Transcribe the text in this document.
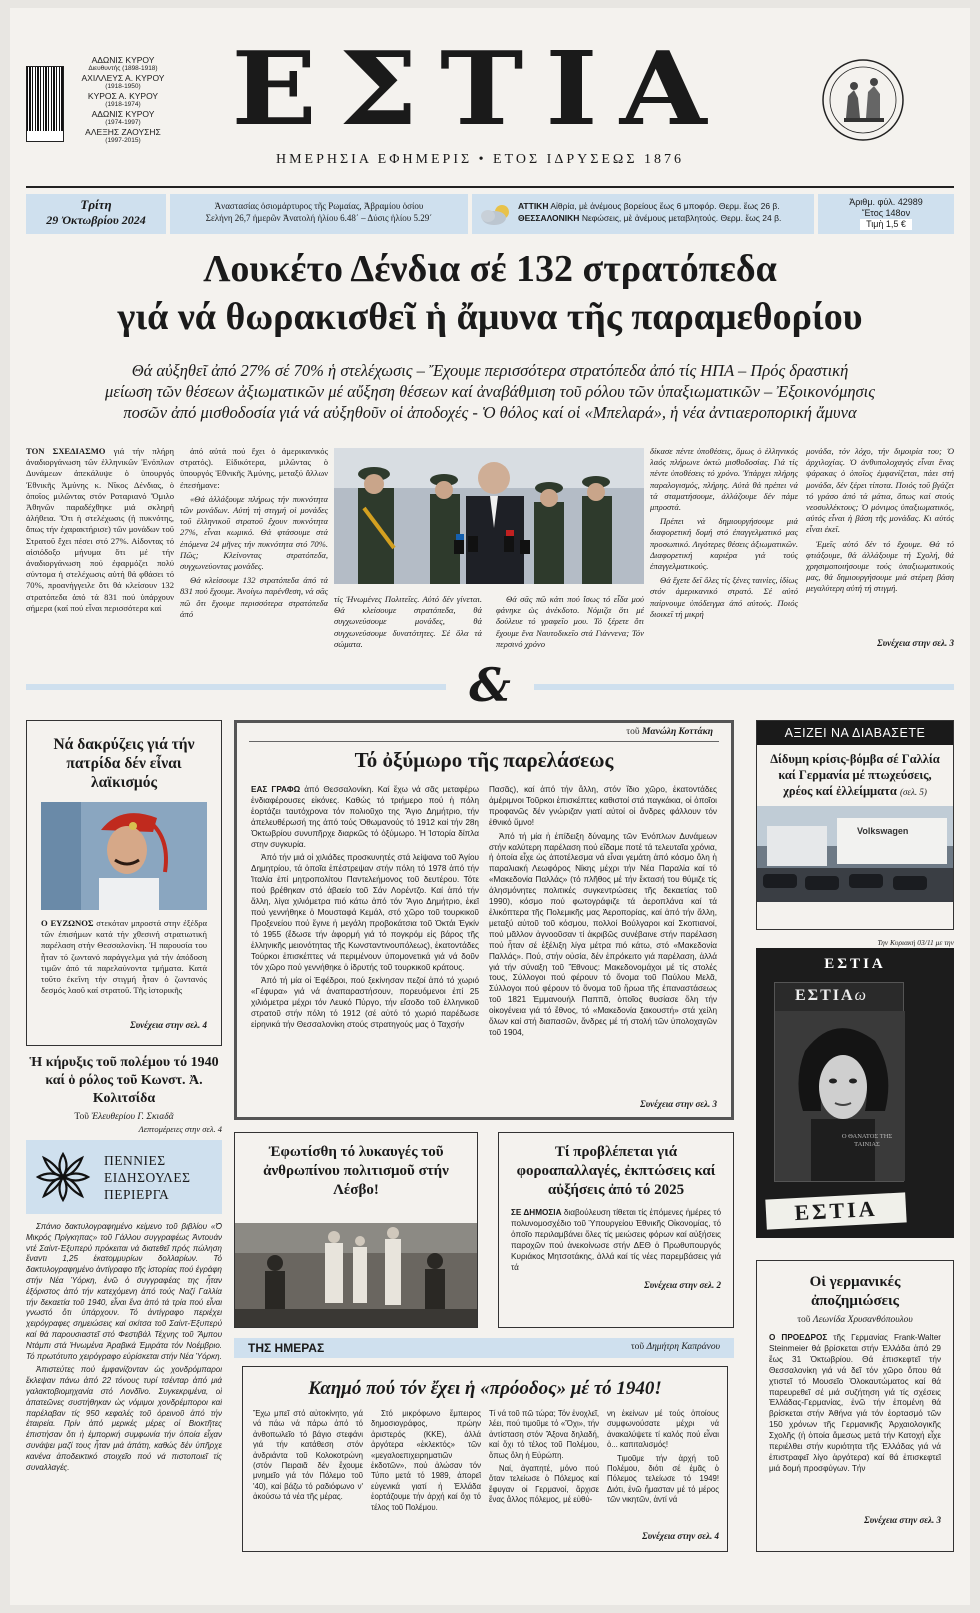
ΑΔΩΝΙΣ ΚΥΡΟΥ
Διευθυντής (1898-1918)
ΑΧΙΛΛΕΥΣ Α. ΚΥΡΟΥ
(1918-1950)
ΚΥΡΟΣ Α. ΚΥΡΟΥ
(1918-1974)
ΑΔΩΝΙΣ ΚΥΡΟΥ
(1974-1997)
ΑΛΕΞΗΣ ΖΑΟΥΣΗΣ
(1997-2015) ΕΣΤΙΑ
ΗΜΕΡΗΣΙΑ ΕΦΗΜΕΡΙΣ • ΕΤΟΣ ΙΔΡΥΣΕΩΣ 1876
Τρίτη
29 Ὀκτωβρίου 2024
Ἀναστασίας ὁσιομάρτυρος τῆς Ρωμαίας, Ἀβραμίου ὁσίου
Σελήνη 26,7 ἡμερῶν Ἀνατολή ἡλίου 6.48΄ – Δύσις ἡλίου 5.29΄
ΑΤΤΙΚΗ Αἰθρία, μὲ ἀνέμους βορείους ἕως 6 μποφόρ. Θερμ. ἕως 26 β.
ΘΕΣΣΑΛΟΝΙΚΗ Νεφώσεις, μὲ ἀνέμους μεταβλητούς. Θερμ. ἕως 24 β.
Ἀριθμ. φύλ. 42989
Ἔτος 148ον
Τιμὴ 1,5 €
Λουκέτο Δένδια σέ 132 στρατόπεδα
γιά νά θωρακισθεῖ ἡ ἄμυνα τῆς παραμεθορίου
Θά αὐξηθεῖ ἀπό 27% σέ 70% ἡ στελέχωσις – Ἔχουμε περισσότερα στρατόπεδα ἀπό τίς ΗΠΑ – Πρός δραστική
μείωση τῶν θέσεων ἀξιωματικῶν μέ αὔξηση θέσεων καί ἀναβάθμιση τοῦ ρόλου τῶν ὑπαξιωματικῶν – Ἐξοικονόμησις
ποσῶν ἀπό μισθοδοσία γιά νά αὐξηθοῦν οἱ ἀποδοχές - Ὁ θόλος καί οἱ «Μπελαρά», ἡ νέα ἀντιαεροπορική ἄμυνα

ΤΟΝ ΣΧΕΔΙΑΣΜΟ γιά τήν πλήρη ἀναδιοργάνωση τῶν ἑλληνικῶν Ἐνόπλων Δυνάμεων ἀπεκάλυψε ὁ ὑπουργός Ἐθνικῆς Ἀμύνης κ. Νῖκος Δένδιας, ὁ ὁποῖος μιλῶντας στόν Ροταριανό Ὅμιλο Ἀθηνῶν παραδέχθηκε μιά σκληρή ἀλήθεια. Ὅτι ἡ στελέχωσις (ἡ πυκνότης, ὅπως τήν ἐχαρακτήρισε) τῶν μονάδων τοῦ Στρατοῦ ἔχει πέσει στό 27%. Αἰδοντας τό αἰσιόδοξο μήνυμα ὅτι μέ τήν ἀναδιοργάνωση πού ἐφαρμόζει πολύ σύντομα ἡ στελέχωσις αὐτή θά φθάσει τό 70%, προανήγγειλε ὅτι θά κλείσουν 132 στρατόπεδα ἀπό τά 831 πού ὑπάρχουν σήμερα (καί πού εἶναι περισσότερα καί

ἀπό αὐτά πού ἔχει ὁ ἀμερικανικός στρατός). Εἰδικότερα, μιλῶντας ὁ ὑπουργός Ἐθνικῆς Ἀμύνης, μεταξύ ἄλλων ἐπεσήμανε:

«Θά ἀλλάξουμε πλήρως τήν πυκνότητα τῶν μονάδων. Αὐτή τή στιγμή οἱ μονάδες τοῦ ἑλληνικοῦ στρατοῦ ἔχουν πυκνότητα 27%, εἶναι κωμικό. Θά φτάσουμε στά ἑπόμενα 24 μῆνες τήν πυκνότητα στό 70%. Πῶς; Κλείνοντας στρατόπεδα, συγχωνεύοντας μονάδες.

Θά κλείσουμε 132 στρατόπεδα ἀπό τά 831 πού ἔχουμε. Ἀνοίγω παρένθεση, νά σᾶς πῶ ὅτι ἔχουμε περισσότερα στρατόπεδα ἀπό

τίς Ἡνωμένες Πολιτεῖες. Αὐτό δέν γίνεται. Θά κλείσουμε στρατόπεδα, θά συγχωνεύσουμε μονάδες, θά συγχωνεύσουμε δυνατότητες. Σέ ὅλα τά σώματα.

Θά σᾶς πῶ κάτι πού ἴσως τό εἶδα μού φάνηκε ὡς ἀνέκδοτο. Νόμιζα ὅτι μέ δούλευε τό γραφεῖο μου. Τό ξέρετε ὅτι ἔχουμε ἕνα Ναυτοδικεῖο στά Γιάννενα; Τόν περσινό χρόνο

δίκασε πέντε ὑποθέσεις, ὅμως ὁ ἑλληνικός λαός πλήρωνε ὀκτώ μισθοδοσίας. Γιά τίς πέντε ὑποθέσεις τό χρόνο. Ὑπάρχει πλήρης παραλογισμός, πλήρης. Αὐτά θά πρέπει νά τά σταματήσουμε, ἀλλάζουμε δέν πάμε μπροστά.

Πρέπει νά δημιουργήσουμε μιά διαφορετική δομή στό ἐπαγγελματικό μας προσωπικό. Λιγότερες θέσεις ἀξιωματικῶν. Διαφορετική καριέρα γιά τούς ἐπαγγελματικούς.

Θά ἔχετε δεῖ ὅλες τίς ξένες ταινίες, ἰδίως στόν ἀμερικανικό στρατό. Σέ αὐτό παίρνουμε ὑπόδειγμα ἀπό αὐτούς. Ποιός διοικεῖ τή μικρή

μονάδα, τόν λόχο, τήν διμοιρία του; Ὁ ἀρχιλοχίας. Ὁ ἀνθυπολοχαγός εἶναι ἕνας ψάρακας ὁ ὁποῖος ἐμφανίζεται, πάει στή μονάδα, δέν ξέρει τίποτα. Ποιός τοῦ βγάζει τό γράσο ἀπό τά μάτια, ὅπως καί στούς νεοσυλλέκτους; Ὁ μόνιμος ὑπαξιωματικός, αὐτός εἶναι ἡ βάση τῆς μονάδας. Κι αὐτός εἶναι ἐκεῖ.

Ἐμεῖς αὐτό δέν τό ἔχουμε. Θά τό φτιάξουμε, θά ἀλλάξουμε τή Σχολή, θά χρησιμοποιήσουμε τούς ὑπαξιωματικούς μας, θά δημιουργήσουμε μιά στέρεη βάση μεγαλύτερη αὐτή τή στιγμή.

Συνέχεια στην σελ. 3
&
Νά δακρύζεις γιά τήν πατρίδα δέν εἶναι λαϊκισμός

Ο ΕΥΖΩΝΟΣ στεκόταν μπροστά στην ἐξέδρα τῶν ἐπισήμων κατά τήν χθεσινή στρατιωτική παρέλαση στήν Θεσσαλονίκη. Ἡ παρουσία του ἦταν τό ζωντανό παράγγελμα γιά τήν ἀπόδοση τιμῶν ἀπό τά παρελαύνοντα τμήματα. Κατά τοῦτο ἐκεῖνη τήν στιγμή ἦταν ὁ ζωντανός δεσμός λαοῦ καί στρατοῦ. Τῆς ἱστορικῆς

Συνέχεια στην σελ. 4
Ἡ κήρυξις τοῦ πολέμου τό 1940 καί ὁ ρόλος τοῦ Κωνστ. Ἀ. Κολιτσίδα
Τοῦ Ἐλευθερίου Γ. Σκιαδᾶ
Λεπτομέρειες στην σελ. 4
ΠΕΝΝΙΕΣ ΕΙΔΗΣΟΥΛΕΣ ΠΕΡΙΕΡΓΑ

Σπάνιο δακτυλογραφημένο κείμενο τοῦ βιβλίου «Ὁ Μικρός Πρίγκηπας» τοῦ Γάλλου συγγραφέως Ἀντουάν ντέ Σαίντ-Ἐξυπερύ πρόκειται νά διατεθεῖ πρός πώληση ἔναντι 1,25 ἑκατομμυρίων δολλαρίων. Τό δακτυλογραφημένο ἀντίγραφο τῆς ἱστορίας πού ἐγράφη στήν Νέα Ὑόρκη, ἐνῶ ὁ συγγραφέας της ἦταν ἐξόριστος ἀπό τήν κατεχόμενη ἀπό τούς Ναζί Γαλλία τήν δεκαετία τοῦ 1940, εἶναι ἕνα ἀπό τά τρία πού εἶναι γνωστό ὅτι ὑπάρχουν. Τό ἀντίγραφο περιέχει χειρόγραφες σημειώσεις καί σκίτσα τοῦ Σαίντ-Ἐξυπερύ καί θά παρουσιαστεῖ στό Φεστιβάλ Τέχνης τοῦ Ἄμπου Ντάμπι στά Ἡνωμένα Ἀραβικά Ἐμιράτα τόν Νοέμβριο. Τό πρωτότυπο χειρόγραφο εὑρίσκεται στήν Νέα Ὑόρκη.

Ἀπιστεύτες πού ἐμφανίζονταν ὡς χονδρόμπαροι ἔκλεψαν πάνω ἀπό 22 τόνους τυρί τσένταρ ἀπό μιά γαλακτοβιομηχανία στό Λονδῖνο. Συγκεκριμένα, οἱ ἀπατεῶνες συστήθηκαν ὡς νόμιμοι χονδρέμποροι καί παρέλαβαν τίς 950 κεφαλές τοῦ ὀρεινοῦ ἀπό τήν ἑταιρεία. Πρίν ἀπό μερικές μέρες οἱ Βιοκτῆτες ἐπιστήσαν ὅτι ἡ ἐμπορική συμφωνία τήν ὁποία εἶχαν συνάψει μαζί τους ἦταν μιά ἀπάτη, καθώς δέν ὑπῆρχε κανένα ἀποδεικτικό στοιχεῖο πού νά πιστοποιεῖ τίς συναλλαγές.

τοῦ Μανώλη Κοττάκη
Τό ὀξύμωρο τῆς παρελάσεως

ΕΑΣ ΓΡΑΦΩ ἀπό Θεσσαλονίκη. Καί ἔχω νά σᾶς μεταφέρω ἐνδιαφέρουσες εἰκόνες. Καθώς τό τριήμερο πού ἡ πόλη ἑορτάζει ταυτόχρονα τόν πολιοῦχο της Ἅγιο Δημήτριο, τήν ἀπελευθέρωσή της ἀπό τούς Ὀθωμανούς τό 1912 καί τήν 28η Ὀκτωβρίου συνυπῆρχε διαρκῶς τό ὀξύμωρο. Ἡ Ἱστορία δίπλα στην συγκυρία.

Ἀπό τήν μιά οἱ χιλιάδες προσκυνητές στά λείψανα τοῦ Ἁγίου Δημητρίου, τά ὁποῖα ἐπέστρεψαν στήν πόλη τό 1978 ἀπό τήν Ἰταλία ἐπί μητροπολίτου Παντελεήμονος τοῦ δευτέρου. Τότε πού βρέθηκαν στό ἀβαείο τοῦ Σάν Λορέντζο. Καί ἀπό τήν ἄλλη, λίγα χιλιόμετρα πιό κάτω ἀπό τόν Ἅγιο Δημήτριο, ἐκεῖ πού γεννήθηκε ὁ Μουσταφά Κεμάλ, στό χῶρο τοῦ τουρκικοῦ Προξενείου πού ἔγινε ἡ μεγάλη προβοκάτσια τοῦ Ὀκτάι Ἐγκίν τό 1955 (ἔδωσε τήν ἀφορμή γιά τό πογκρόμ εἰς βάρος τῆς ἑλληνικῆς μειονότητας τῆς Κωνσταντινουπόλεως), ἑκατοντάδες Τούρκοι ἐπισκέπτες νά περιμένουν ὑπομονετικά γιά νά δοῦν τόν χῶρο πού γεννήθηκε ὁ ἰδρυτής τοῦ τουρκικοῦ κράτους.

Ἀπό τή μία οἱ Ἐφέδροι, πού ξεκίνησαν πεζοί ἀπό τό χωριό «Γέφυρα» γιά νά ἀναπαραστήσουν, πορευόμενοι ἐπί 25 χιλιόμετρα μέχρι τόν Λευκό Πύργο, τήν εἴσοδο τοῦ ἑλληνικοῦ στρατοῦ στήν πόλη τό 1912 (σέ αὐτό τό χωριό παρέδωσε εἰρηνικά τήν Θεσσαλονίκη στούς στρατηγούς μας ὁ Ταχσήν

Πασᾶς), καί ἀπό τήν ἄλλη, στόν ἴδιο χῶρο, ἑκατοντάδες ἀμέριμνοι Τοῦρκοι ἐπισκέπτες καθιστοί στά παγκάκια, οἱ ὁποῖοι προφανῶς δέν γνώριζαν γιατί αὐτοί οἱ ἄνδρες φάλλουν τόν ἐθνικό ὕμνο!

Ἀπό τή μία ἡ ἐπίδειξη δύναμης τῶν Ἐνόπλων Δυνάμεων στήν καλύτερη παρέλαση πού εἴδαμε ποτέ τά τελευταῖα χρόνια, ἡ ὁποία εἶχε ὡς ἀποτέλεσμα νά εἶναι γεμάτη ἀπό κόσμο ὅλη ἡ παραλιακή Λεωφόρος Νίκης μέχρι τήν Νέα Παραλία καί τό «Μακεδονία Παλλάς» (τό πλῆθος μέ τήν ἔκτασή του θύμιζε τίς ἀλησμόνητες πολιτικές συγκεντρώσεις τῆς δεκαετίας τοῦ 1990), κόσμο πού φωτογράφιζε τά ἀεροπλάνα καί τά ἐλικόπτερα τῆς Πολεμικῆς μας Ἀεροπορίας, καί ἀπό τήν ἄλλη, μεταξύ αὐτοῦ τοῦ κόσμου, πολλοί Βούλγαροι καί Σκοπιανοί, πού μᾶλλον ἀγνοοῦσαν τί ἀκριβῶς συνέβαινε στήν παρέλαση πού ἦταν σέ ἐξέλιξη λίγα μέτρα πιό κάτω, στό «Μακεδονία Παλλάς». Πού, στήν οὐσία, δέν ἐπρόκειτο γιά παρέλαση, ἀλλά γιά τήν σύναξη τοῦ Ἔθνους: Μακεδονομάχοι μέ τίς στολές τους, Σύλλογοι πού φέρουν τό ὄνομα τοῦ Παύλου Μελᾶ, Σύλλογοι πού φέρουν τό ὄνομα τοῦ ἥρωα τῆς ἐπαναστάσεως τοῦ 1821 Ἐμμανουήλ Παππᾶ, ὁποῖος θυσίασε ὅλη τήν οἰκογένεια γιά τό ἔθνος, τό «Μακεδονία ξακουστή» στά χείλη ὅλων καί στή διαπασῶν, ἄνδρες μέ τή στολή τῶν ὑπολοχαγῶν τοῦ 1904,

Συνέχεια στην σελ. 3
ΑΞΙΖΕΙ ΝΑ ΔΙΑΒΑΣΕΤΕ
Δίδυμη κρίσις-βόμβα σέ Γαλλία καί Γερμανία μέ πτωχεύσεις, χρέος καί ἐλλείμματα (σελ. 5)
Volkswagen
Την Κυριακή 03/11 με την
ΕΣΤΙΑ
ΕΣΤΙΑω
Ο ΘΑΝΑΤΟΣ ΤΗΣ ΤΑΙΝΙΑΣ
ΕΣΤΙΑ
Ἐφωτίσθη τό λυκαυγές τοῦ ἀνθρωπίνου πολιτισμοῦ στήν Λέσβο!
Τί προβλέπεται γιά φοροαπαλλαγές, ἐκπτώσεις καί αὐξήσεις ἀπό τό 2025

ΣΕ ΔΗΜΟΣΙΑ διαβούλευση τίθεται τίς ἑπόμενες ἡμέρες τό πολυνομοσχέδιο τοῦ Ὑπουργείου Ἐθνικῆς Οἰκονομίας, τό ὁποῖο περιλαμβάνει ὅλες τίς μειώσεις φόρων καί αὐξήσεις παροχῶν πού ἀνεκοίνωσε στήν ΔΕΘ ὁ Πρωθυπουργός Κυριάκος Μητσοτάκης, ἀλλά καί τίς νέες παρεμβάσεις γιά τά

Συνέχεια στην σελ. 2	Οἱ γερμανικές ἀποζημιώσεις
τοῦ Λεωνίδα Χρυσανθόπουλου

Ο ΠΡΟΕΔΡΟΣ τῆς Γερμανίας Frank-Walter Steinmeier θά βρίσκεται στήν Ἑλλάδα ἀπό 29 ἕως 31 Ὀκτωβρίου. Θά ἐπισκεφτεῖ τήν Θεσσαλονίκη γιά νά δεῖ τόν χῶρο ὅπου θά χτιστεῖ τό Μουσεῖο Ὁλοκαυτώματος καί θά παρευρεθεῖ σέ μιά συζήτηση γιά τίς σχέσεις Ἑλλάδας-Γερμανίας, ἐνῶ τήν ἑπομένη θά βρίσκεται στήν Ἀθήνα γιά τόν ἑορτασμό τῶν 150 χρόνων τῆς Γερμανικῆς Ἀρχαιολογικῆς Σχολῆς (ἡ ὁποία ἄμεσως μετά τήν Κατοχή εἶχε περιέλθει στήν κυριότητα τῆς Ἑλλάδας γιά νά ἐπιστραφεῖ λίγο ἀργότερα) καί θά ἐπισκεφτεῖ μιά δομή προσφύγων. Τήν

Συνέχεια στην σελ. 3
ΤΗΣ ΗΜΕΡΑΣ	τοῦ Δημήτρη Καπράνου
Καημό πού τόν ἔχει ἡ «πρόοδος» μέ τό 1940!

Ἔχω μπεῖ στό αὐτοκίνητο, γιά νά πάω νά πάρω ἀπό τό ἀνθοπωλεῖο τό βάγιο στεφάνι γιά τήν κατάθεση στόν ἀνδριάντα τοῦ Κολοκοτρώνη (στόν Πειραιᾶ δέν ἔχουμε μνημεῖο γιά τόν Πόλεμο τοῦ '40), καί βάζω τό ραδιόφωνο ν' ἀκούσω τά νέα τῆς μέρας.

Στό μικρόφωνο ἔμπειρος δημοσιογράφος, πρώην ἀριστερός (ΚΚΕ), ἀλλά ἀργότερα «ἐκλεκτός» τῶν «μεγαλοεπιχειρηματιῶν ἐκδοτῶν», πού ἀλώσαν τόν Τύπο μετά τό 1989, ἀπορεῖ εὐγενικά γιατί ἡ Ἑλλάδα ἑορτάζουμε τήν ἀρχή καί ὄχι τό τέλος τοῦ Πολέμου.

Τί νά τοῦ πῶ τώρα; Τόν ἐνοχλεῖ, λέει, πού τιμοῦμε τό «Ὄχι», τήν ἀντίσταση στόν Ἄξονα δηλαδή, καί ὄχι τό τέλος τοῦ Πολέμου, ὅπως ὅλη ἡ Εὐρώπη.

Ναί, ἀγαπητέ, μόνο πού ὅταν τελείωσε ὁ Πόλεμος καί ἔφυγαν οἱ Γερμανοί, ἄρχισε ἕνας ἄλλος πόλεμος, μέ εὐθύ-

νη ἐκείνων μέ τούς ὁποίους συμφωνούσατε μέχρι νά ἀνακαλύψετε τί καλός πού εἶναι ὁ... καπιταλισμός!

Τιμοῦμε τήν ἀρχή τοῦ Πολέμου, διότι σέ ἐμᾶς ὁ Πόλεμος τελείωσε τό 1949! Διότι, ἐνῶ ἤμασταν μέ τό μέρος τῶν νικητῶν, ἀντί νά

Συνέχεια στην σελ. 4
